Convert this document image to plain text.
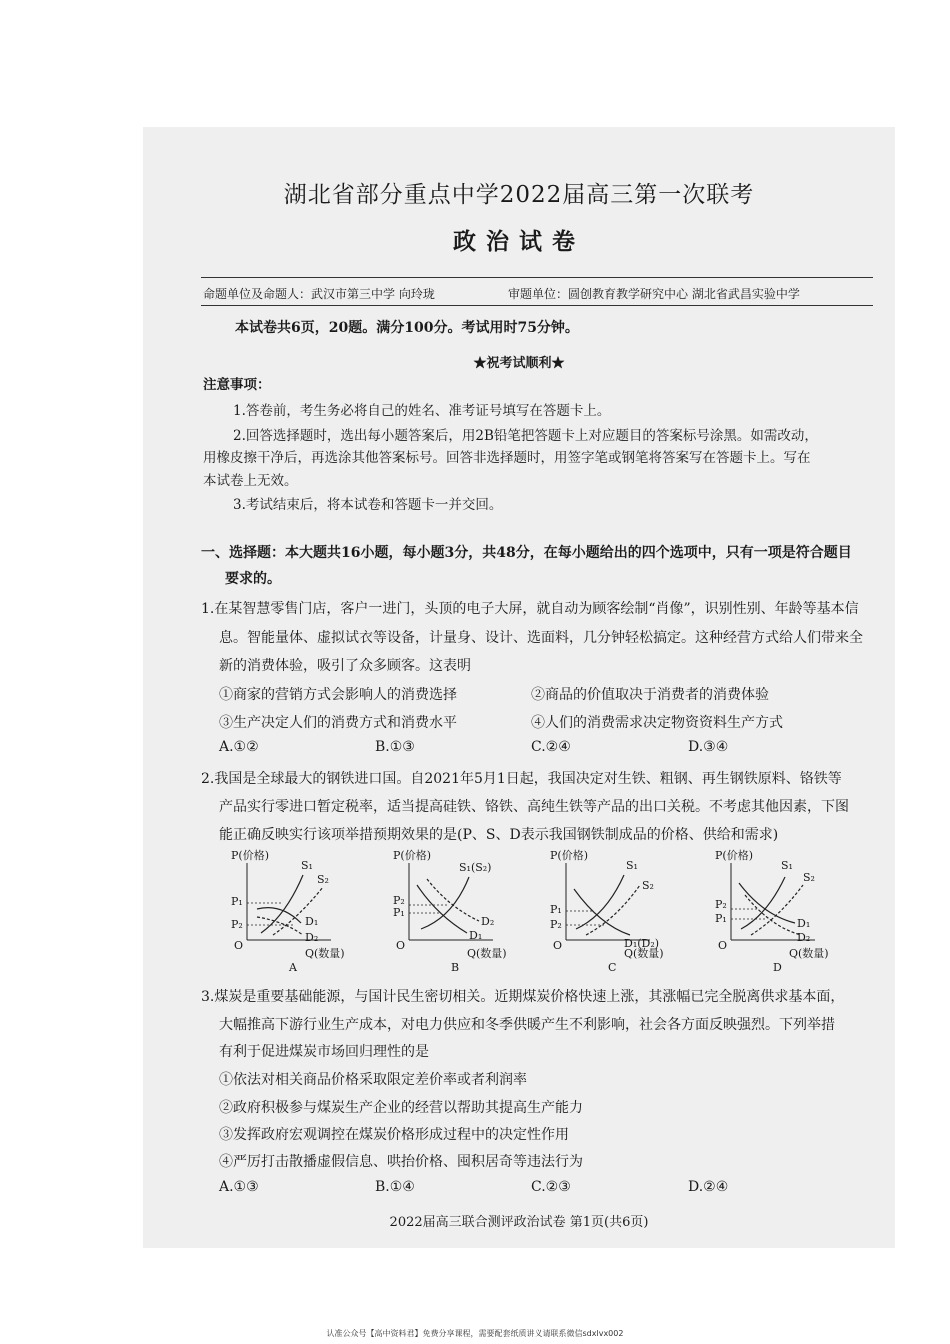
湖北省部分重点中学2022届高三第一次联考
政治试卷
命题单位及命题人：武汉市第三中学 向玲珑	审题单位：圆创教育教学研究中心 湖北省武昌实验中学
本试卷共6页，20题。满分100分。考试用时75分钟。
★祝考试顺利★
注意事项：
1.答卷前，考生务必将自己的姓名、准考证号填写在答题卡上。
2.回答选择题时，选出每小题答案后，用2B铅笔把答题卡上对应题目的答案标号涂黑。如需改动，
用橡皮擦干净后，再选涂其他答案标号。回答非选择题时，用签字笔或钢笔将答案写在答题卡上。写在
本试卷上无效。
3.考试结束后，将本试卷和答题卡一并交回。
一、选择题：本大题共16小题，每小题3分，共48分，在每小题给出的四个选项中，只有一项是符合题目
要求的。
1.在某智慧零售门店，客户一进门，头顶的电子大屏，就自动为顾客绘制“肖像”，识别性别、年龄等基本信
息。智能量体、虚拟试衣等设备，计量身、设计、选面料，几分钟轻松搞定。这种经营方式给人们带来全
新的消费体验，吸引了众多顾客。这表明
①商家的营销方式会影响人的消费选择	②商品的价值取决于消费者的消费体验
③生产决定人们的消费方式和消费水平	④人们的消费需求决定物资资料生产方式
A.①②	B.①③	C.②④	D.③④
2.我国是全球最大的钢铁进口国。自2021年5月1日起，我国决定对生铁、粗钢、再生钢铁原料、铬铁等
产品实行零进口暂定税率，适当提高硅铁、铬铁、高纯生铁等产品的出口关税。不考虑其他因素，下图
能正确反映实行该项举措预期效果的是(P、S、D表示我国钢铁制成品的价格、供给和需求)
P(价格)
O
Q(数量)
S₁
D₁
S₂
D₂
P₁
P₂
A
P(价格)
O
Q(数量)
S₁(S₂)
D₁
D₂
P₂
P₁
B
P(价格)
O
Q(数量)
S₁
S₂
D₁(D₂)
P₁
P₂
C
P(价格)
O
Q(数量)
S₁
S₂
D₁
D₂
P₂
P₁
D
3.煤炭是重要基础能源，与国计民生密切相关。近期煤炭价格快速上涨，其涨幅已完全脱离供求基本面，
大幅推高下游行业生产成本，对电力供应和冬季供暖产生不利影响，社会各方面反映强烈。下列举措
有利于促进煤炭市场回归理性的是
①依法对相关商品价格采取限定差价率或者利润率
②政府积极参与煤炭生产企业的经营以帮助其提高生产能力
③发挥政府宏观调控在煤炭价格形成过程中的决定性作用
④严厉打击散播虚假信息、哄抬价格、囤积居奇等违法行为
A.①③	B.①④	C.②③	D.②④
2022届高三联合测评政治试卷 第1页(共6页)
认准公众号【高中资料君】免费分享课程，需要配套纸质讲义请联系微信sdxlvx002
